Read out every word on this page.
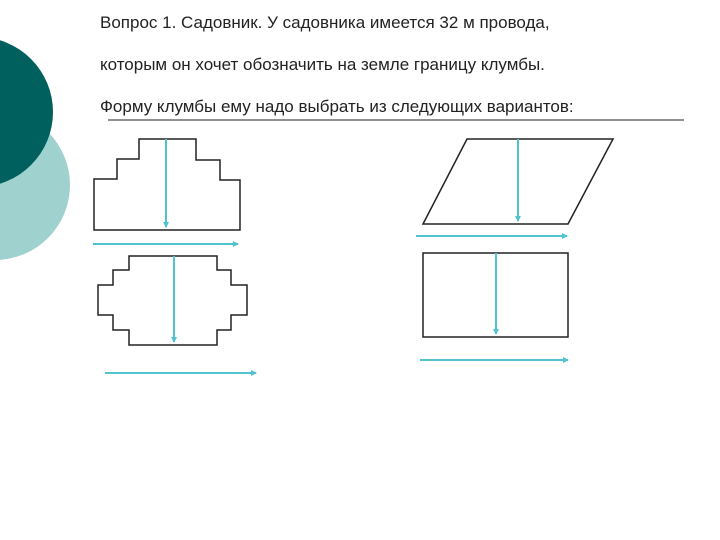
Вопрос 1. Садовник. У садовника имеется 32 м провода,

которым он хочет обозначить на земле границу клумбы.

Форму клумбы ему надо выбрать из следующих вариантов:
